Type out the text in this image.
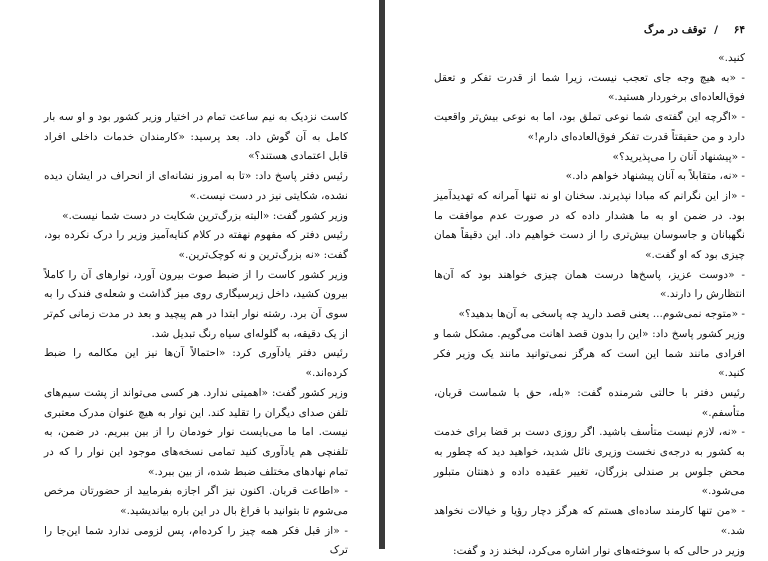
کاست نزدیک به نیم ساعت تمام در اختیار وزیر کشور بود و او سه بار کامل به آن گوش داد. بعد پرسید: «کارمندان خدمات داخلی افراد قابل اعتمادی هستند؟»

رئیس دفتر پاسخ داد: «تا به امروز نشانه‌ای از انحراف در ایشان دیده نشده، شکایتی نیز در دست نیست.»

وزیر کشور گفت: «البته بزرگ‌ترین شکایت در دست شما نیست.»

رئیس دفتر که مفهوم نهفته در کلام کنایه‌آمیز وزیر را درک نکرده بود، گفت: «نه بزرگ‌ترین و نه کوچک‌ترین.»

وزیر کشور کاست را از ضبط صوت بیرون آورد، نوارهای آن را کاملاً بیرون کشید، داخل زیرسیگاری روی میز گذاشت و شعله‌ی فندک را به سوی آن برد. رشته نوار ابتدا در هم پیچید و بعد در مدت زمانی کم‌تر از یک دقیقه، به گلوله‌ای سیاه رنگ تبدیل شد.

رئیس دفتر یادآوری کرد: «احتمالاً آن‌ها نیز این مکالمه را ضبط کرده‌اند.»

وزیر کشور گفت: «اهمیتی ندارد. هر کسی می‌تواند از پشت سیم‌های تلفن صدای دیگران را تقلید کند. این نوار به هیچ عنوان مدرک معتبری نیست. اما ما می‌بایست نوار خودمان را از بین ببریم. در ضمن، به تلفنچی هم یادآوری کنید تمامی نسخه‌های موجود این نوار را که در تمام نهادهای مختلف ضبط شده، از بین ببرد.»

- «اطاعت قربان. اکنون نیز اگر اجازه بفرمایید از حضورتان مرخص می‌شوم تا بتوانید با فراغ بال در این باره بیاندیشید.»

- «از قبل فکر همه چیز را کرده‌ام، پس لزومی ندارد شما این‌جا را ترک

۶۴
/
توقف در مرگ

کنید.»

- «به هیچ وجه جای تعجب نیست، زیرا شما از قدرت تفکر و تعقل فوق‌العاده‌ای برخوردار هستید.»

- «اگرچه این گفته‌ی شما نوعی تملق بود، اما به نوعی بیش‌تر واقعیت دارد و من حقیقتاً قدرت تفکر فوق‌العاده‌ای دارم!»

- «پیشنهاد آنان را می‌پذیرید؟»

- «نه، متقابلاً به آنان پیشنهاد خواهم داد.»

- «از این نگرانم که مبادا نپذیرند. سخنان او نه تنها آمرانه که تهدیدآمیز بود. در ضمن او به ما هشدار داده که در صورت عدم موافقت ما نگهبانان و جاسوسان بیش‌تری را از دست خواهیم داد. این دقیقاً همان چیزی بود که او گفت.»

- «دوست عزیز، پاسخ‌ها درست همان چیزی خواهند بود که آن‌ها انتظارش را دارند.»

- «متوجه نمی‌شوم... یعنی قصد دارید چه پاسخی به آن‌ها بدهید؟»

وزیر کشور پاسخ داد: «این را بدون قصد اهانت می‌گویم. مشکل شما و افرادی مانند شما این است که هرگز نمی‌توانید مانند یک وزیر فکر کنید.»

رئیس دفتر با حالتی شرمنده گفت: «بله، حق با شماست قربان، متأسفم.»

- «نه، لازم نیست متأسف باشید. اگر روزی دست بر قضا برای خدمت به کشور به درجه‌ی نخست وزیری نائل شدید، خواهید دید که چطور به محض جلوس بر صندلی بزرگان، تغییر عقیده داده و ذهنتان متبلور می‌شود.»

- «من تنها کارمند ساده‌ای هستم که هرگز دچار رؤیا و خیالات نخواهد شد.»

وزیر در حالی که با سوخته‌های نوار اشاره می‌کرد، لبخند زد و گفت:
